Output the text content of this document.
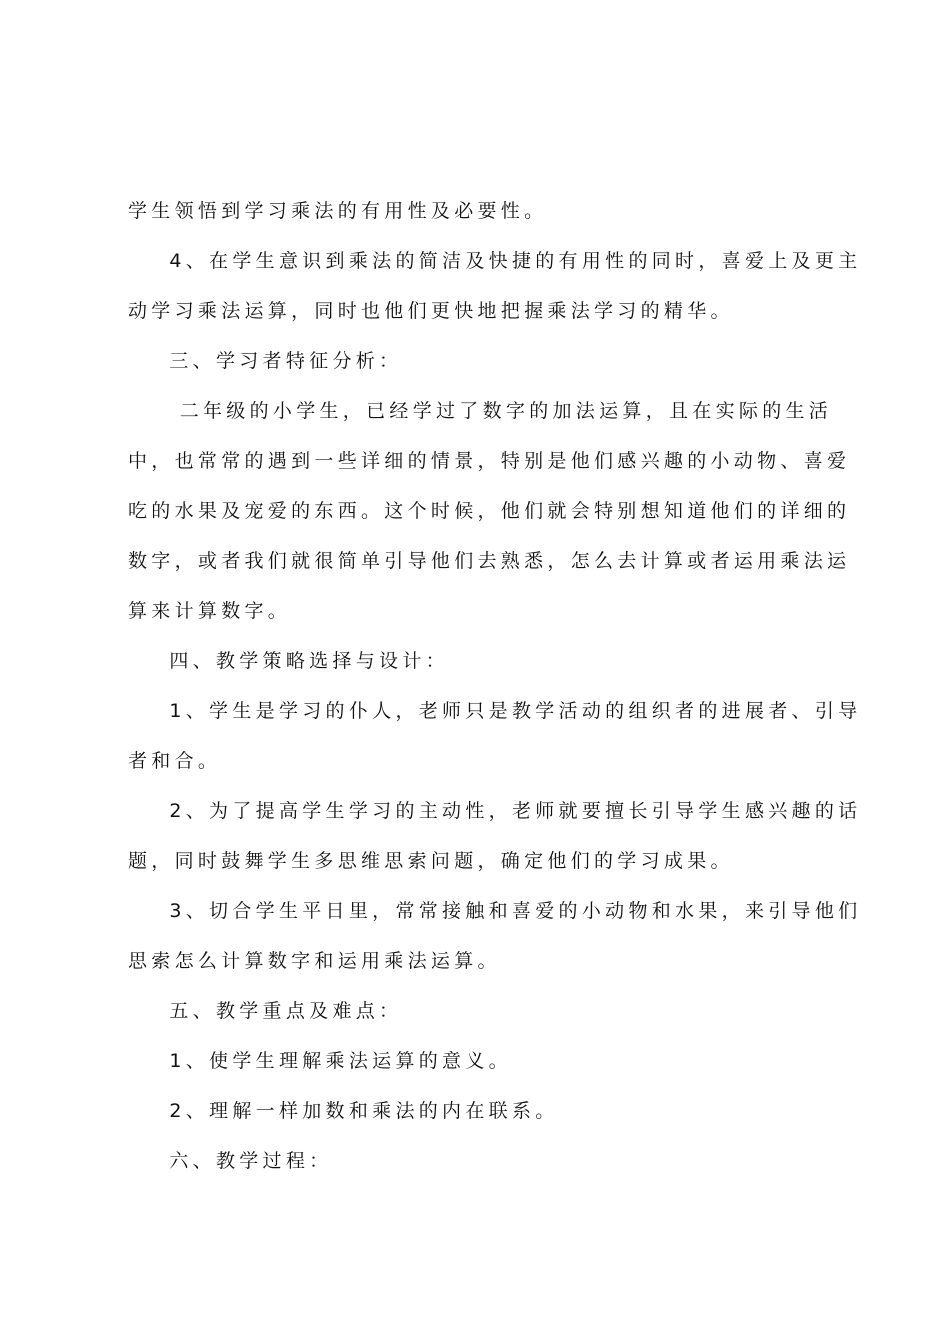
学生领悟到学习乘法的有用性及必要性。

4、在学生意识到乘法的简洁及快捷的有用性的同时，喜爱上及更主

动学习乘法运算，同时也他们更快地把握乘法学习的精华。

三、学习者特征分析：

二年级的小学生，已经学过了数字的加法运算，且在实际的生活

中，也常常的遇到一些详细的情景，特别是他们感兴趣的小动物、喜爱

吃的水果及宠爱的东西。这个时候，他们就会特别想知道他们的详细的

数字，或者我们就很简单引导他们去熟悉，怎么去计算或者运用乘法运

算来计算数字。

四、教学策略选择与设计：

1、学生是学习的仆人，老师只是教学活动的组织者的进展者、引导

者和合。

2、为了提高学生学习的主动性，老师就要擅长引导学生感兴趣的话

题，同时鼓舞学生多思维思索问题，确定他们的学习成果。

3、切合学生平日里，常常接触和喜爱的小动物和水果，来引导他们

思索怎么计算数字和运用乘法运算。

五、教学重点及难点：

1、使学生理解乘法运算的意义。

2、理解一样加数和乘法的内在联系。

六、教学过程：
